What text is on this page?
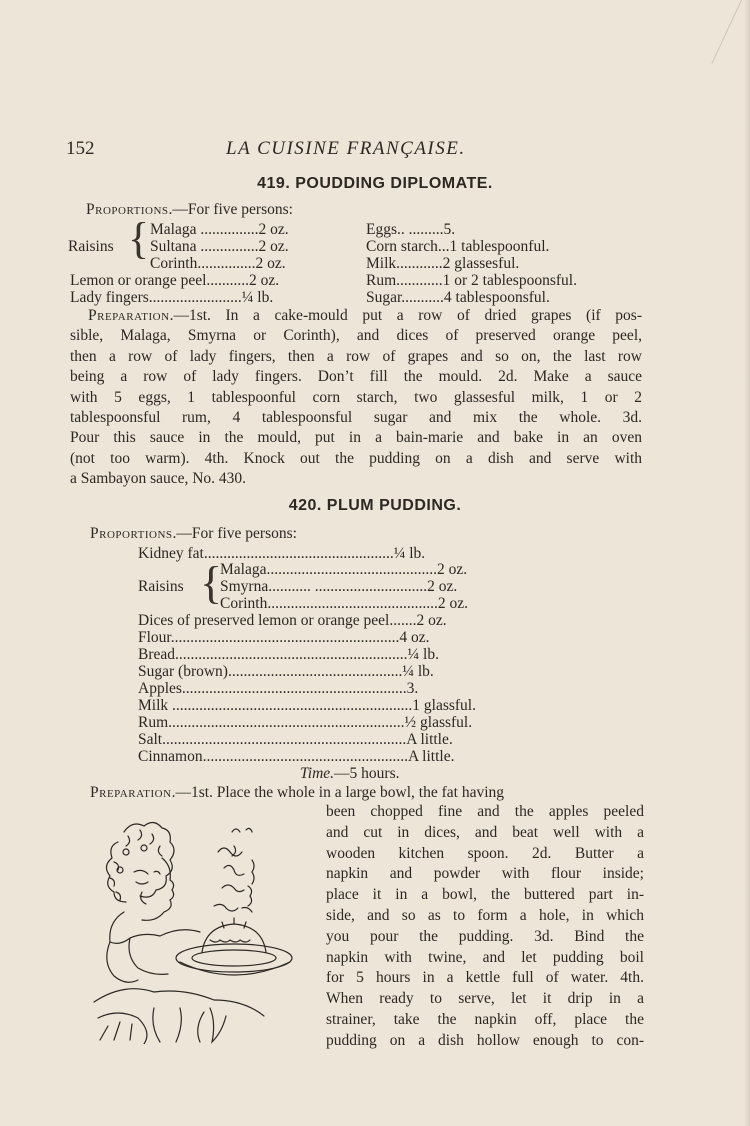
152	LA CUISINE FRANÇAISE.
419. POUDDING DIPLOMATE.
Proportions.—For five persons:
Raisins { Malaga ...............2 oz.
Sultana ...............2 oz.
Corinth...............2 oz.
Lemon or orange peel...........2 oz.
Lady fingers........................¼ lb.
Eggs.. .........5.
Corn starch...1 tablespoonful.
Milk............2 glassesful.
Rum............1 or 2 tablespoonsful.
Sugar...........4 tablespoonsful.
Preparation.—1st. In a cake-mould put a row of dried grapes (if pos-
sible, Malaga, Smyrna or Corinth), and dices of preserved orange peel,
then a row of lady fingers, then a row of grapes and so on, the last row
being a row of lady fingers. Don’t fill the mould. 2d. Make a sauce
with 5 eggs, 1 tablespoonful corn starch, two glassesful milk, 1 or 2
tablespoonsful rum, 4 tablespoonsful sugar and mix the whole. 3d.
Pour this sauce in the mould, put in a bain-marie and bake in an oven
(not too warm). 4th. Knock out the pudding on a dish and serve with
a Sambayon sauce, No. 430.
420. PLUM PUDDING.
Proportions.—For five persons:
Kidney fat.................................................¼ lb.
Raisins {
Malaga............................................2 oz.
Smyrna........... .............................2 oz.
Corinth............................................2 oz.
Dices of preserved lemon or orange peel.......2 oz.
Flour...........................................................4 oz.
Bread............................................................¼ lb.
Sugar (brown).............................................¼ lb.
Apples..........................................................3.
Milk ..............................................................1 glassful.
Rum.............................................................½ glassful.
Salt...............................................................A little.
Cinnamon.....................................................A little.
Time.—5 hours.
Preparation.—1st. Place the whole in a large bowl, the fat having
been chopped fine and the apples peeled
and cut in dices, and beat well with a
wooden kitchen spoon. 2d. Butter a
napkin and powder with flour inside;
place it in a bowl, the buttered part in-
side, and so as to form a hole, in which
you pour the pudding. 3d. Bind the
napkin with twine, and let pudding boil
for 5 hours in a kettle full of water. 4th.
When ready to serve, let it drip in a
strainer, take the napkin off, place the
pudding on a dish hollow enough to con-
